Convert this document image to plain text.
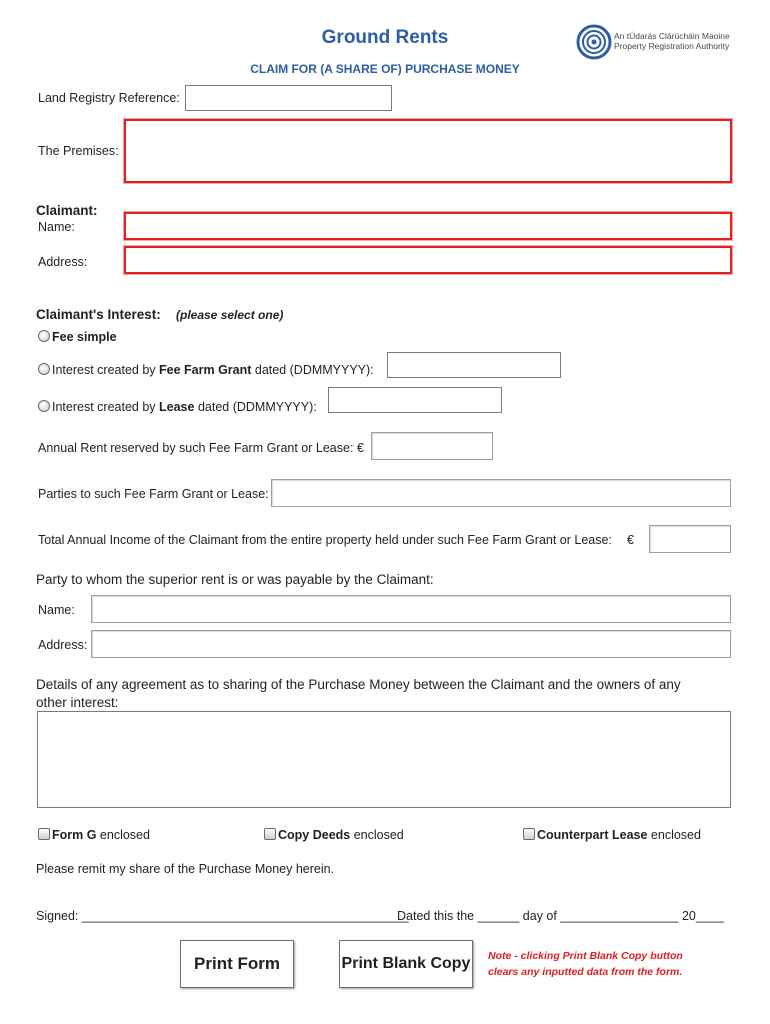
Ground Rents
CLAIM FOR (A SHARE OF) PURCHASE MONEY
An tÚdarás Clárúcháin Maoine
Property Registration Authority
Land Registry Reference:
The Premises:
Claimant:
Name:
Address:
Claimant's Interest: (please select one)
Fee simple
Interest created by Fee Farm Grant dated (DDMMYYYY):
Interest created by Lease dated (DDMMYYYY):
Annual Rent reserved by such Fee Farm Grant or Lease: €
Parties to such Fee Farm Grant or Lease:
Total Annual Income of the Claimant from the entire property held under such Fee Farm Grant or Lease: €
Party to whom the superior rent is or was payable by the Claimant:
Name:
Address:
Details of any agreement as to sharing of the Purchase Money between the Claimant and the owners of any
other interest:
Form G enclosed	Copy Deeds enclosed	Counterpart Lease enclosed
Please remit my share of the Purchase Money herein.
Signed: _______________________________________________
Dated this the ______ day of _________________ 20____
Print Form	Print Blank Copy Note - clicking Print Blank Copy button
clears any inputted data from the form.
